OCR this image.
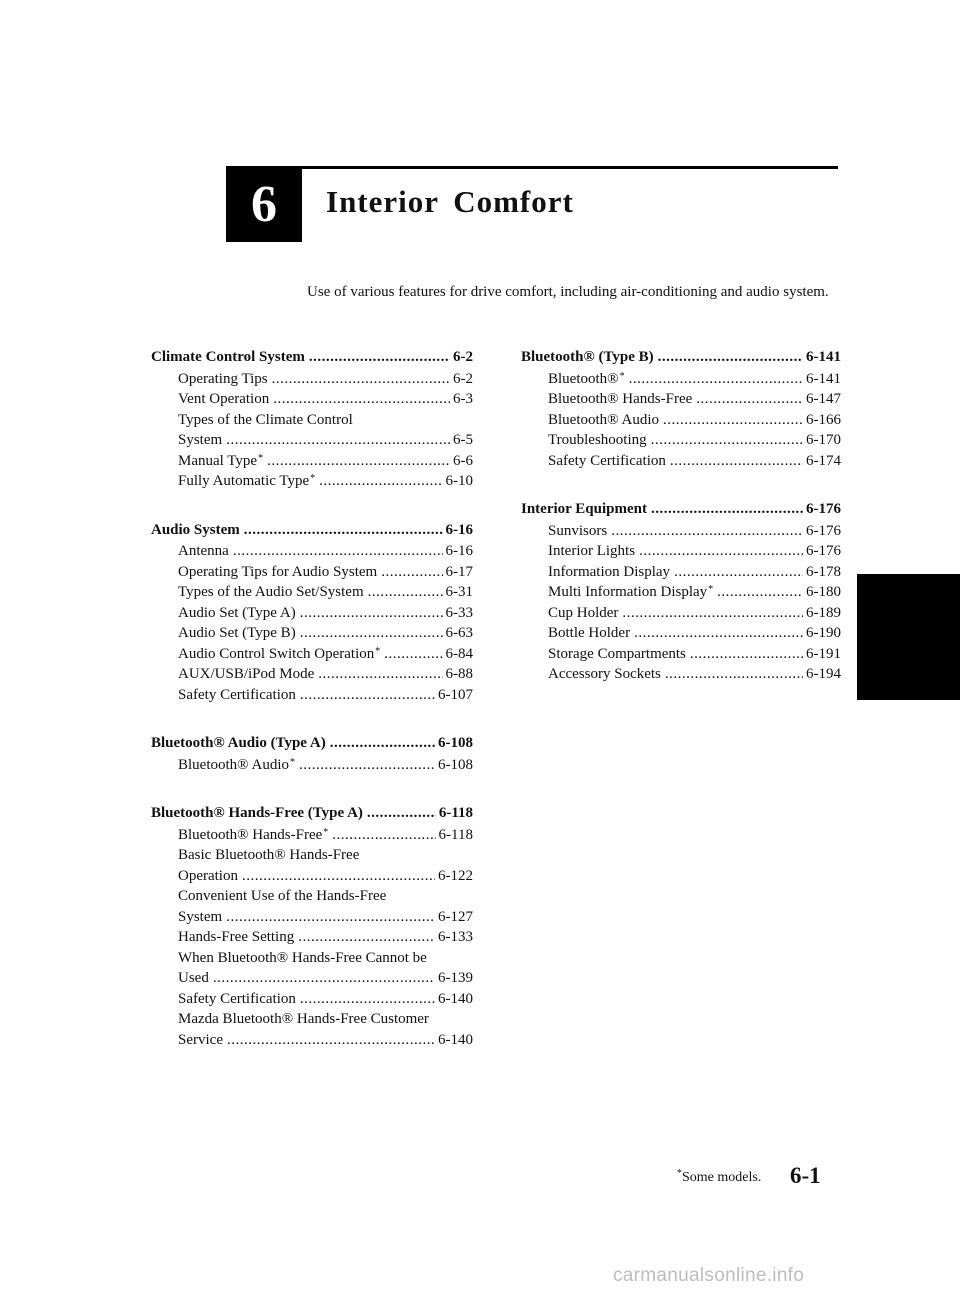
6 Interior Comfort
Use of various features for drive comfort, including air-conditioning and audio system.
Climate Control System .....	6-2
Operating Tips .....	6-2
Vent Operation .....	6-3
Types of the Climate Control
System .....	6-5
Manual Type* .....	6-6
Fully Automatic Type* .....	6-10
Audio System .....	6-16
Antenna .....	6-16
Operating Tips for Audio System .....	6-17
Types of the Audio Set/System .....	6-31
Audio Set (Type A) .....	6-33
Audio Set (Type B) .....	6-63
Audio Control Switch Operation* .....	6-84
AUX/USB/iPod Mode .....	6-88
Safety Certification .....	6-107
Bluetooth® Audio (Type A) .....	6-108
Bluetooth® Audio* .....	6-108
Bluetooth® Hands-Free (Type A) .....	6-118
Bluetooth® Hands-Free* .....	6-118
Basic Bluetooth® Hands-Free
Operation .....	6-122
Convenient Use of the Hands-Free
System .....	6-127
Hands-Free Setting .....	6-133
When Bluetooth® Hands-Free Cannot be
Used .....	6-139
Safety Certification .....	6-140
Mazda Bluetooth® Hands-Free Customer
Service .....	6-140
Bluetooth® (Type B) .....	6-141
Bluetooth®* .....	6-141
Bluetooth® Hands-Free .....	6-147
Bluetooth® Audio .....	6-166
Troubleshooting .....	6-170
Safety Certification .....	6-174
Interior Equipment .....	6-176
Sunvisors .....	6-176
Interior Lights .....	6-176
Information Display .....	6-178
Multi Information Display* .....	6-180
Cup Holder .....	6-189
Bottle Holder .....	6-190
Storage Compartments .....	6-191
Accessory Sockets .....	6-194
*Some models. 6-1
carmanualsonline.info
